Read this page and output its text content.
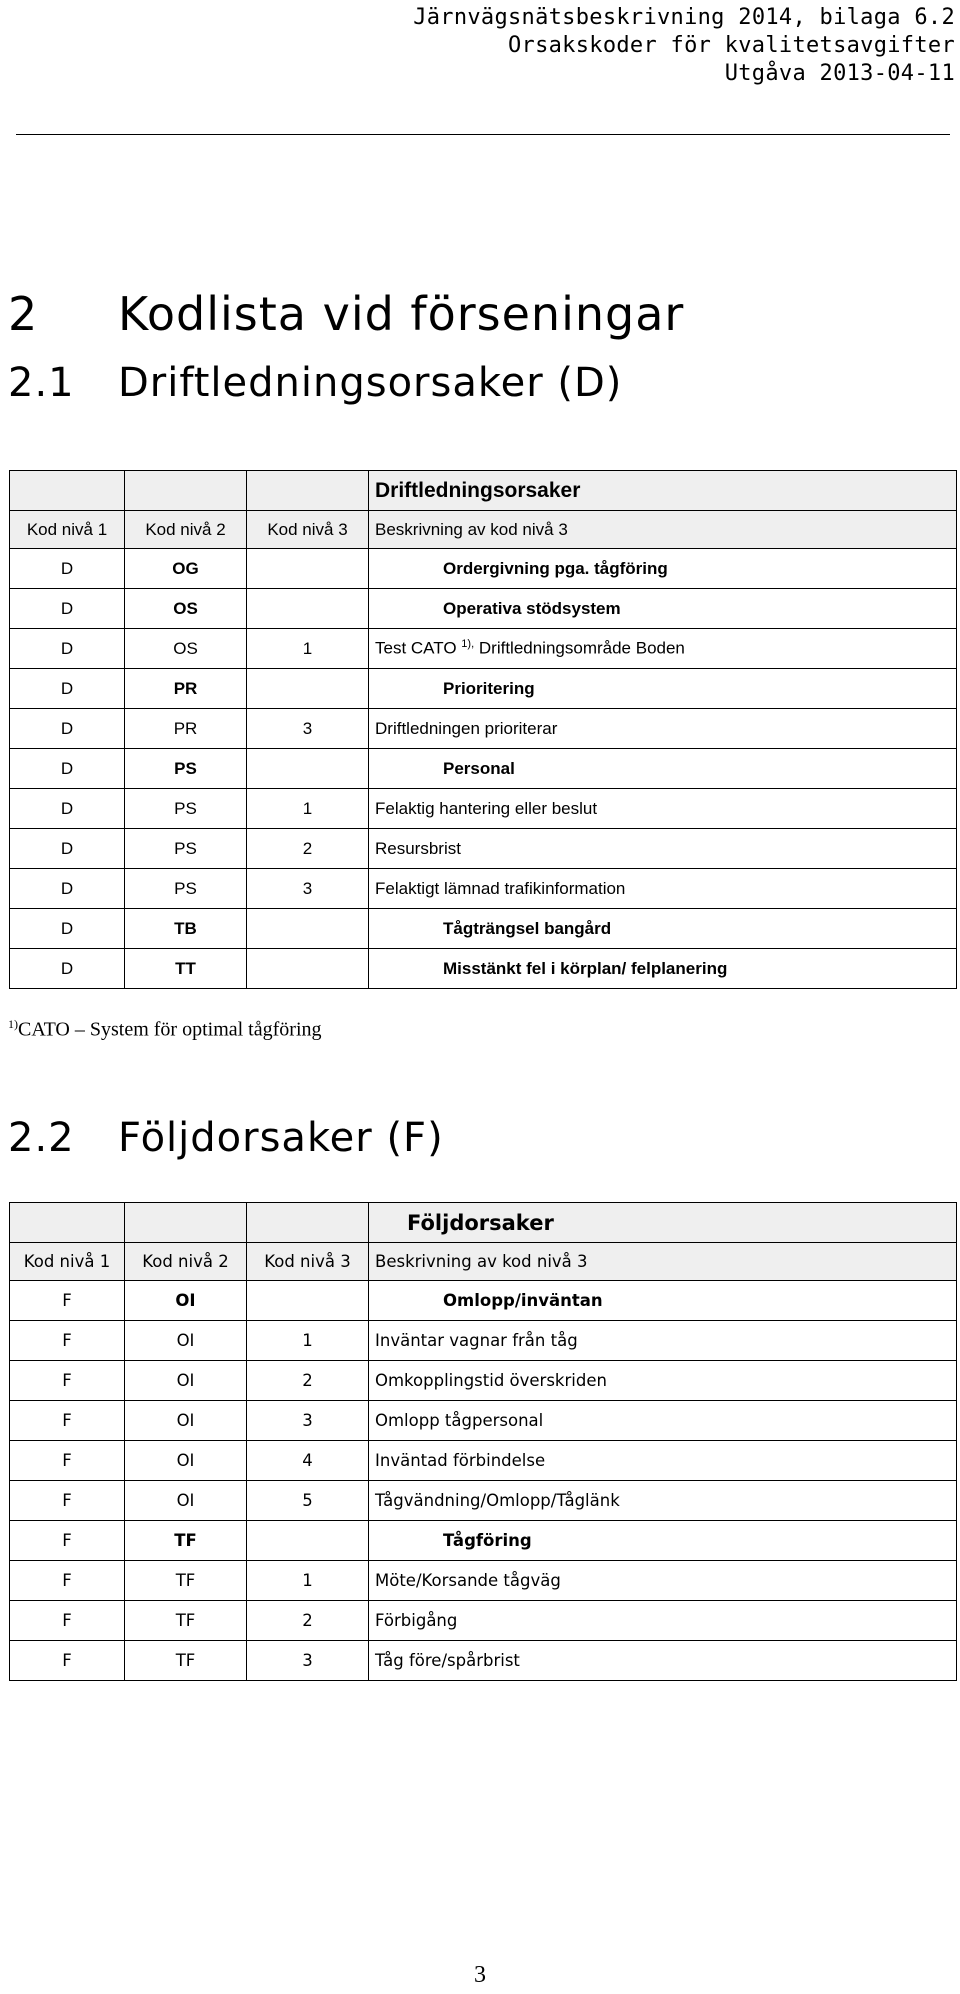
Järnvägsnätsbeskrivning 2014, bilaga 6.2
Orsakskoder för kvalitetsavgifter
Utgåva 2013-04-11
2 Kodlista vid förseningar
2.1 Driftledningsorsaker (D)
			Driftledningsorsaker
Kod nivå 1	Kod nivå 2	Kod nivå 3	Beskrivning av kod nivå 3
D	OG		Ordergivning pga. tågföring
D	OS		Operativa stödsystem
D	OS	1	Test CATO $^{1),}$ Driftledningsområde Boden
D	PR		Prioritering
D	PR	3	Driftledningen prioriterar
D	PS		Personal
D	PS	1	Felaktig hantering eller beslut
D	PS	2	Resursbrist
D	PS	3	Felaktigt lämnad trafikinformation
D	TB		Tågträngsel bangård
D	TT		Misstänkt fel i körplan/ felplanering
$^{1)}$CATO – System för optimal tågföring
2.2 Följdorsaker (F)
			Följdorsaker
Kod nivå 1	Kod nivå 2	Kod nivå 3	Beskrivning av kod nivå 3
F	OI		Omlopp/inväntan
F	OI	1	Inväntar vagnar från tåg
F	OI	2	Omkopplingstid överskriden
F	OI	3	Omlopp tågpersonal
F	OI	4	Inväntad förbindelse
F	OI	5	Tågvändning/Omlopp/Tåglänk
F	TF		Tågföring
F	TF	1	Möte/Korsande tågväg
F	TF	2	Förbigång
F	TF	3	Tåg före/spårbrist
3
